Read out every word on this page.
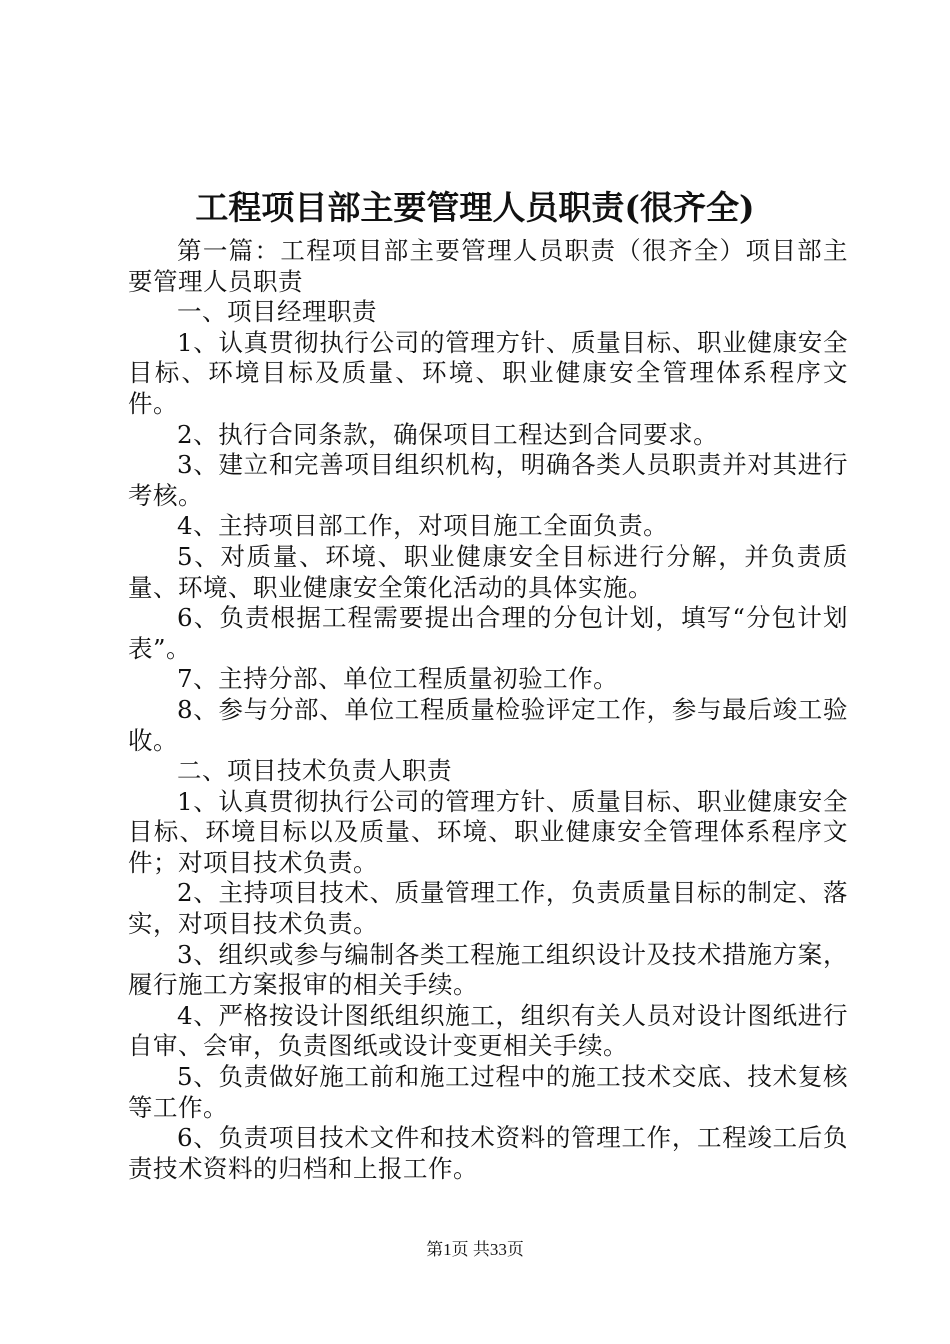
工程项目部主要管理人员职责(很齐全)

第一篇：工程项目部主要管理人员职责（很齐全）项目部主要管理人员职责

一、项目经理职责

1、认真贯彻执行公司的管理方针、质量目标、职业健康安全目标、环境目标及质量、环境、职业健康安全管理体系程序文件。

2、执行合同条款，确保项目工程达到合同要求。

3、建立和完善项目组织机构，明确各类人员职责并对其进行考核。

4、主持项目部工作，对项目施工全面负责。

5、对质量、环境、职业健康安全目标进行分解，并负责质量、环境、职业健康安全策化活动的具体实施。

6、负责根据工程需要提出合理的分包计划，填写“分包计划表”。

7、主持分部、单位工程质量初验工作。

8、参与分部、单位工程质量检验评定工作，参与最后竣工验收。

二、项目技术负责人职责

1、认真贯彻执行公司的管理方针、质量目标、职业健康安全目标、环境目标以及质量、环境、职业健康安全管理体系程序文件；对项目技术负责。

2、主持项目技术、质量管理工作，负责质量目标的制定、落实，对项目技术负责。

3、组织或参与编制各类工程施工组织设计及技术措施方案，履行施工方案报审的相关手续。

4、严格按设计图纸组织施工，组织有关人员对设计图纸进行自审、会审，负责图纸或设计变更相关手续。

5、负责做好施工前和施工过程中的施工技术交底、技术复核等工作。

6、负责项目技术文件和技术资料的管理工作，工程竣工后负责技术资料的归档和上报工作。

第1页 共33页
